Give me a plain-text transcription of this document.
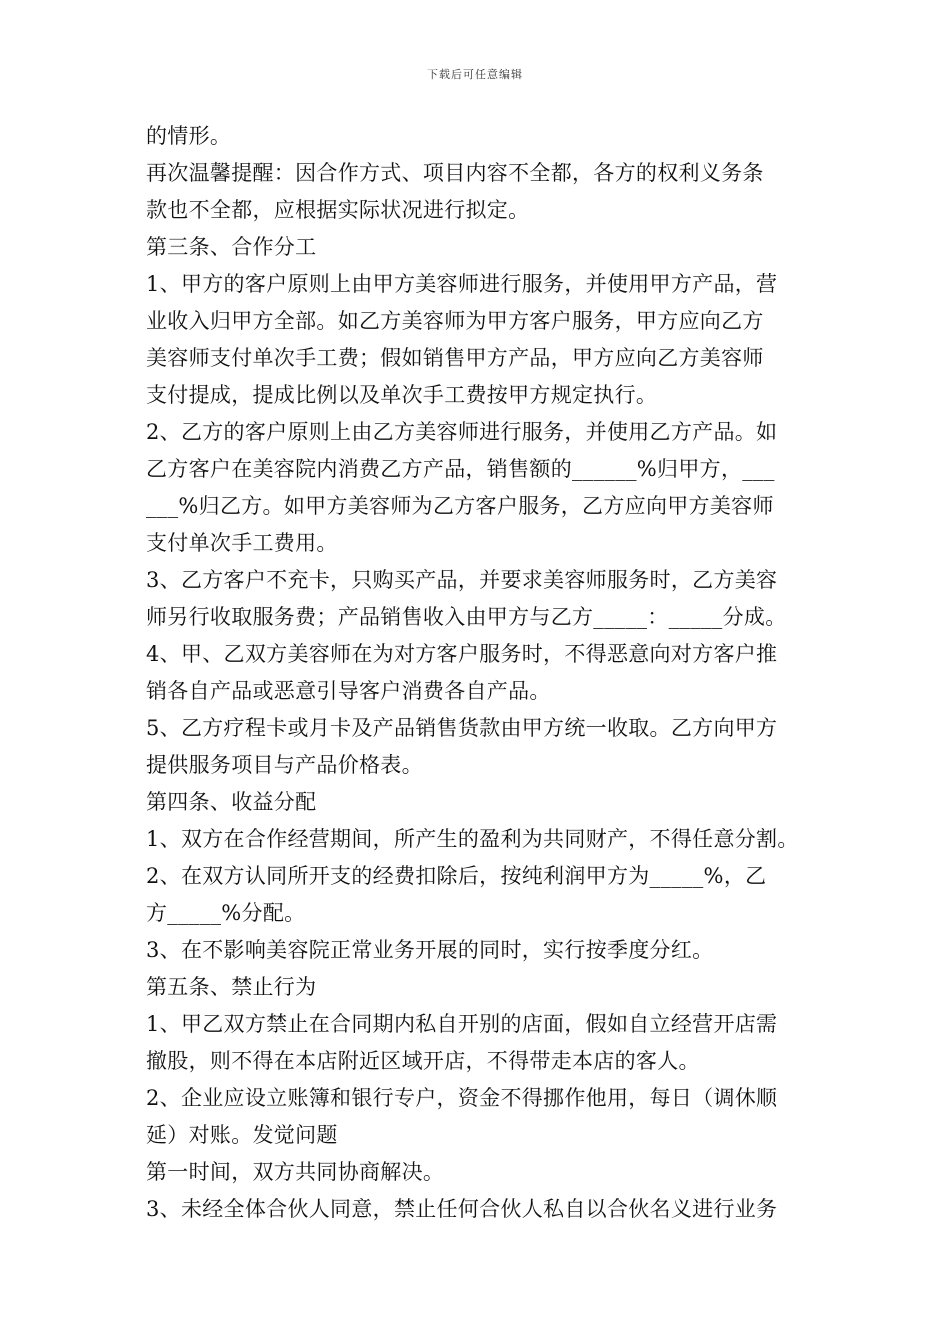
下载后可任意编辑
的情形。
再次温馨提醒：因合作方式、项目内容不全都，各方的权利义务条
款也不全都，应根据实际状况进行拟定。
第三条、合作分工
1、甲方的客户原则上由甲方美容师进行服务，并使用甲方产品，营
业收入归甲方全部。如乙方美容师为甲方客户服务，甲方应向乙方
美容师支付单次手工费；假如销售甲方产品，甲方应向乙方美容师
支付提成，提成比例以及单次手工费按甲方规定执行。
2、乙方的客户原则上由乙方美容师进行服务，并使用乙方产品。如
乙方客户在美容院内消费乙方产品，销售额的______%归甲方，___
___%归乙方。如甲方美容师为乙方客户服务，乙方应向甲方美容师
支付单次手工费用。
3、乙方客户不充卡，只购买产品，并要求美容师服务时，乙方美容
师另行收取服务费；产品销售收入由甲方与乙方_____：_____分成。
4、甲、乙双方美容师在为对方客户服务时，不得恶意向对方客户推
销各自产品或恶意引导客户消费各自产品。
5、乙方疗程卡或月卡及产品销售货款由甲方统一收取。乙方向甲方
提供服务项目与产品价格表。
第四条、收益分配
1、双方在合作经营期间，所产生的盈利为共同财产，不得任意分割。
2、在双方认同所开支的经费扣除后，按纯利润甲方为_____%，乙
方_____%分配。
3、在不影响美容院正常业务开展的同时，实行按季度分红。
第五条、禁止行为
1、甲乙双方禁止在合同期内私自开别的店面，假如自立经营开店需
撤股，则不得在本店附近区域开店，不得带走本店的客人。
2、企业应设立账簿和银行专户，资金不得挪作他用，每日（调休顺
延）对账。发觉问题
第一时间，双方共同协商解决。
3、未经全体合伙人同意，禁止任何合伙人私自以合伙名义进行业务
